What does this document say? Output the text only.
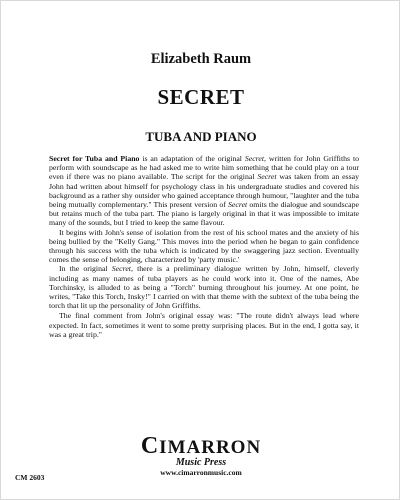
Elizabeth Raum
SECRET
TUBA AND PIANO

Secret for Tuba and Piano is an adaptation of the original Secret, written for John Griffiths to perform with soundscape as he had asked me to write him something that he could play on a tour even if there was no piano available. The script for the original Secret was taken from an essay John had written about himself for psychology class in his undergraduate studies and covered his background as a rather shy outsider who gained acceptance through humour, "laughter and the tuba being mutually complementary." This present version of Secret omits the dialogue and soundscape but retains much of the tuba part. The piano is largely original in that it was impossible to imitate many of the sounds, but I tried to keep the same flavour.

It begins with John's sense of isolation from the rest of his school mates and the anxiety of his being bullied by the "Kelly Gang." This moves into the period when he began to gain confidence through his success with the tuba which is indicated by the swaggering jazz section. Eventually comes the sense of belonging, characterized by 'party music.'

In the original Secret, there is a preliminary dialogue written by John, himself, cleverly including as many names of tuba players as he could work into it. One of the names, Abe Torchinsky, is alluded to as being a "Torch" burning throughout his journey. At one point, he writes, "Take this Torch, Insky!" I carried on with that theme with the subtext of the tuba being the torch that lit up the personality of John Griffiths.

The final comment from John's original essay was: "The route didn't always lead where expected. In fact, sometimes it went to some pretty surprising places. But in the end, I gotta say, it was a great trip."

CIMARRON
Music Press
www.cimarronmusic.com
CM 2603
